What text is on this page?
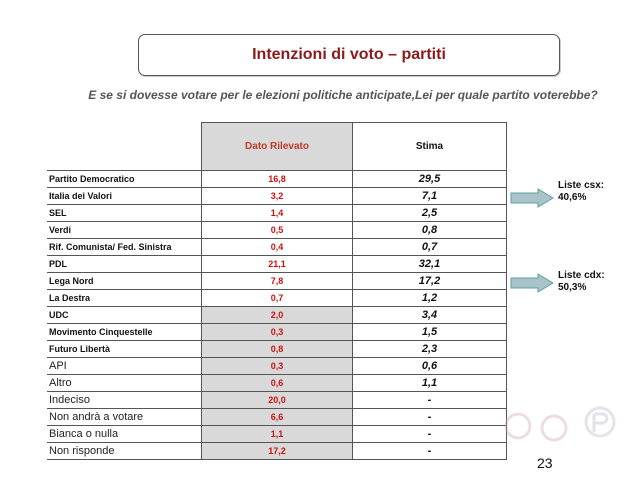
Intenzioni di voto – partiti
E se si dovesse votare per le elezioni politiche anticipate,Lei per quale partito voterebbe?
Dato Rilevato	Stima
Partito Democratico	16,8	29,5
Italia dei Valori	3,2	7,1
SEL	1,4	2,5
Verdi	0,5	0,8
Rif. Comunista/ Fed. Sinistra	0,4	0,7
PDL	21,1	32,1
Lega Nord	7,8	17,2
La Destra	0,7	1,2
UDC	2,0	3,4
Movimento Cinquestelle	0,3	1,5
Futuro Libertà	0,8	2,3
API	0,3	0,6
Altro	0,6	1,1
Indeciso	20,0	-
Non andrà a votare	6,6	-
Bianca o nulla	1,1	-
Non risponde	17,2	-
Liste csx:
40,6%
Liste cdx:
50,3%
23
